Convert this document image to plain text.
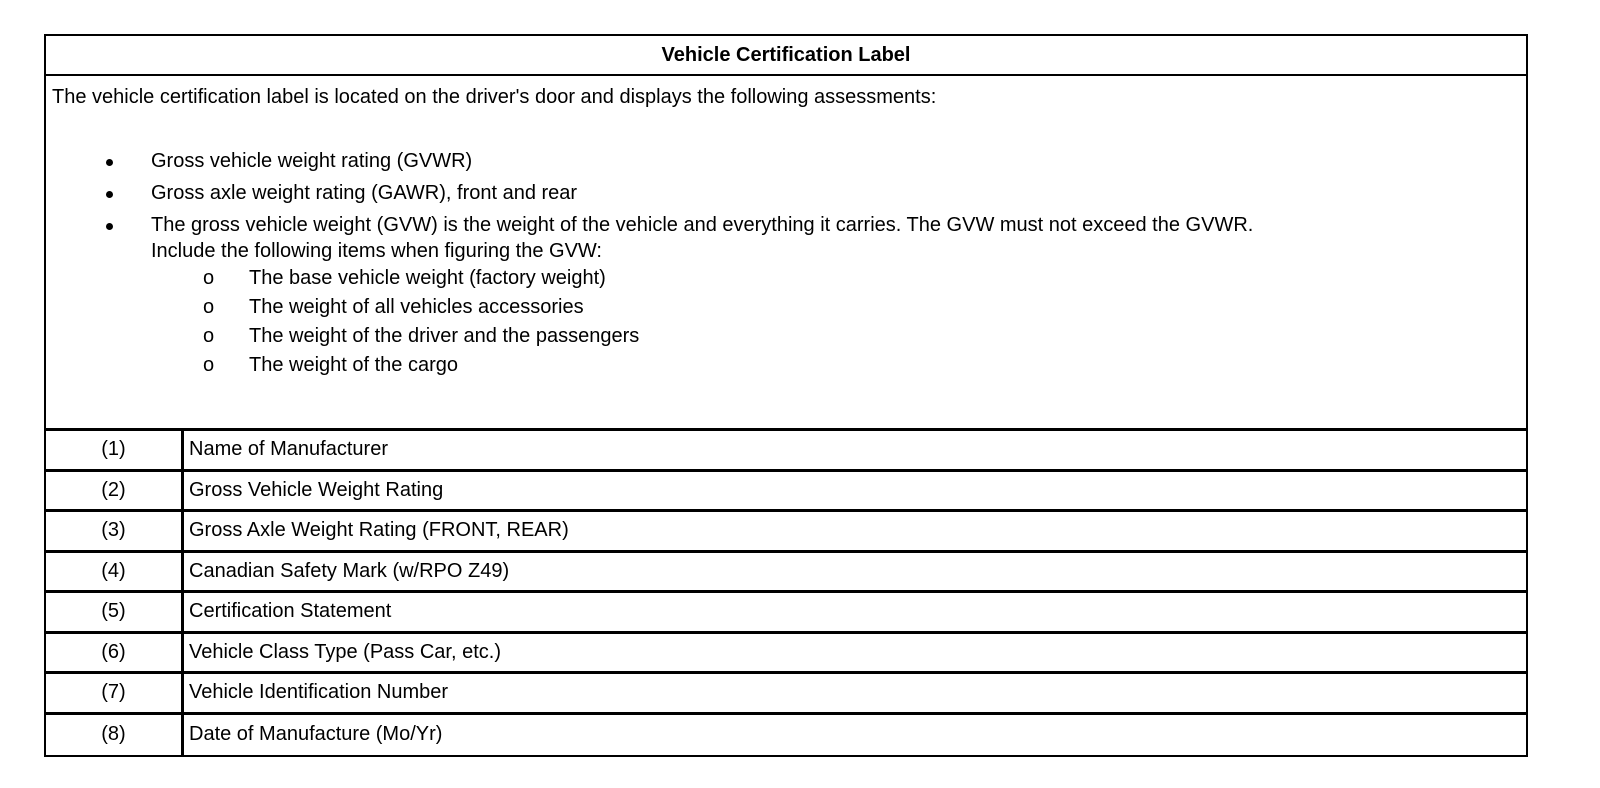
Vehicle Certification Label

The vehicle certification label is located on the driver's door and displays the following assessments:

Gross vehicle weight rating (GVWR)
Gross axle weight rating (GAWR), front and rear
The gross vehicle weight (GVW) is the weight of the vehicle and everything it carries. The GVW must not exceed the GVWR.
Include the following items when figuring the GVW:
o The base vehicle weight (factory weight)
o The weight of all vehicles accessories
o The weight of the driver and the passengers
o The weight of the cargo
(1)	Name of Manufacturer
(2)	Gross Vehicle Weight Rating
(3)	Gross Axle Weight Rating (FRONT, REAR)
(4)	Canadian Safety Mark (w/RPO Z49)
(5)	Certification Statement
(6)	Vehicle Class Type (Pass Car, etc.)
(7)	Vehicle Identification Number
(8)	Date of Manufacture (Mo/Yr)
